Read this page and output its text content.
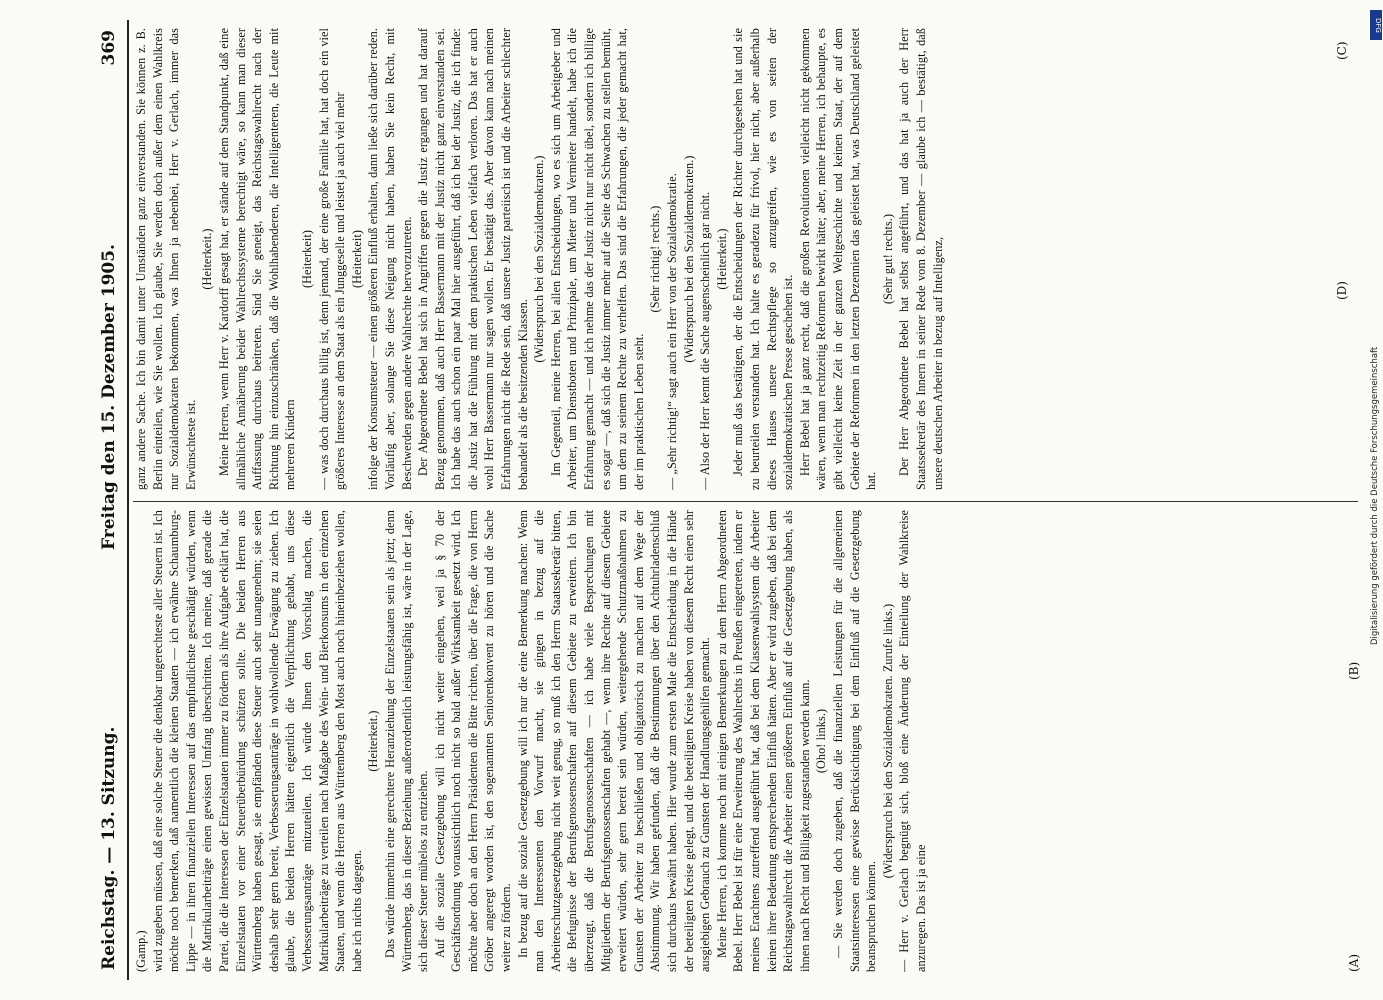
Reichstag. — 13. Sitzung.
Freitag den 15. Dezember 1905.
369

(Gamp.) wird zugeben müssen, daß eine solche Steuer die denkbar ungerechteste aller Steuern ist. Ich möchte noch bemerken, daß namentlich die kleinen Staaten — ich erwähne Schaumburg-Lippe — in ihren finanziellen Interessen auf das empfindlichste geschädigt würden, wenn die Matrikularbeiträge einen gewissen Umfang überschritten. Ich meine, daß gerade die Partei, die die Interessen der Einzelstaaten immer zu fördern als ihre Aufgabe erklärt hat, die Einzelstaaten vor einer Steuerüberbürdung schützen sollte. Die beiden Herren aus Württemberg haben gesagt, sie empfänden diese Steuer auch sehr unangenehm; sie seien deshalb sehr gern bereit, Verbesserungsanträge in wohlwollende Erwägung zu ziehen. Ich glaube, die beiden Herren hätten eigentlich die Verpflichtung gehabt, uns diese Verbesserungsanträge mitzuteilen. Ich würde Ihnen den Vorschlag machen, die Matrikularbeiträge zu verteilen nach Maßgabe des Wein- und Bierkonsums in den einzelnen Staaten, und wenn die Herren aus Württemberg den Most auch noch hineinbeziehen wollen, habe ich nichts dagegen.

(Heiterkeit.) Das würde immerhin eine gerechtere Heranziehung der Einzelstaaten sein als jetzt; denn Württemberg, das in dieser Beziehung außerordentlich leistungsfähig ist, wäre in der Lage, sich dieser Steuer mühelos zu entziehen. Auf die soziale Gesetzgebung will ich nicht weiter eingehen, weil ja § 70 der Geschäftsordnung voraussichtlich noch nicht so bald außer Wirksamkeit gesetzt wird. Ich möchte aber doch an den Herrn Präsidenten die Bitte richten, über die Frage, die von Herrn Gröber angeregt worden ist, den sogenannten Seniorenkonvent zu hören und die Sache weiter zu fördern. In bezug auf die soziale Gesetzgebung will ich nur die eine Bemerkung machen: Wenn man den Interessenten den Vorwurf macht, sie gingen in bezug auf die Arbeiterschutzgesetzgebung nicht weit genug, so muß ich den Herrn Staatssekretär bitten, die Befugnisse der Berufsgenossenschaften auf diesem Gebiete zu erweitern. Ich bin überzeugt, daß die Berufsgenossenschaften — ich habe viele Besprechungen mit Mitgliedern der Berufsgenossenschaften gehabt —, wenn ihre Rechte auf diesem Gebiete erweitert würden, sehr gern bereit sein würden, weitergehende Schutzmaßnahmen zu Gunsten der Arbeiter zu beschließen und obligatorisch zu machen auf dem Wege der Abstimmung. Wir haben gefunden, daß die Bestimmungen über den Achtuhrladenschluß sich durchaus bewährt haben. Hier wurde zum ersten Male die Entscheidung in die Hände der beteiligten Kreise gelegt, und die beteiligten Kreise haben von diesem Recht einen sehr ausgiebigen Gebrauch zu Gunsten der Handlungsgehilfen gemacht. Meine Herren, ich komme noch mit einigen Bemerkungen zu dem Herrn Abgeordneten Bebel. Herr Bebel ist für eine Erweiterung des Wahlrechts in Preußen eingetreten, indem er meines Erachtens zutreffend ausgeführt hat, daß bei dem Klassenwahlsystem die Arbeiter keinen ihrer Bedeutung entsprechenden Einfluß hätten. Aber er wird zugeben, daß bei dem Reichstagswahlrecht die Arbeiter einen größeren Einfluß auf die Gesetzgebung haben, als ihnen nach Recht und Billigkeit zugestanden werden kann. (Oho! links.) — Sie werden doch zugeben, daß die finanziellen Leistungen für die allgemeinen Staatsinteressen eine gewisse Berücksichtigung bei dem Einfluß auf die Gesetzgebung beanspruchen können.

(Widerspruch bei den Sozialdemokraten. Zurufe links.) — Herr v. Gerlach begnügt sich, bloß eine Änderung der Einteilung der Wahlkreise anzuregen. Das ist ja eine

ganz andere Sache. Ich bin damit unter Umständen ganz einverstanden. Sie können z. B. Berlin einteilen, wie Sie wollen. Ich glaube, Sie werden doch außer dem einen Wahlkreis nur Sozialdemokraten bekommen, was Ihnen ja nebenbei, Herr v. Gerlach, immer das Erwünschteste ist.

(Heiterkeit.) Meine Herren, wenn Herr v. Kardorff gesagt hat, er stände auf dem Standpunkt, daß eine allmähliche Annäherung beider Wahlrechtssysteme berechtigt wäre, so kann man dieser Auffassung durchaus beitreten. Sind Sie geneigt, das Reichstagswahlrecht nach der Richtung hin einzuschränken, daß die Wohlhabenderen, die Intelligenteren, die Leute mit mehreren Kindern

(Heiterkeit) — was doch durchaus billig ist, denn jemand, der eine große Familie hat, hat doch ein viel größeres Interesse an dem Staat als ein Junggeselle und leistet ja auch viel mehr (Heiterkeit) infolge der Konsumsteuer — einen größeren Einfluß erhalten, dann ließe sich darüber reden. Vorläufig aber, solange Sie diese Neigung nicht haben, haben Sie kein Recht, mit Beschwerden gegen andere Wahlrechte hervorzutreten. Der Abgeordnete Bebel hat sich in Angriffen gegen die Justiz ergangen und hat darauf Bezug genommen, daß auch Herr Bassermann mit der Justiz nicht ganz einverstanden sei. Ich habe das auch schon ein paar Mal hier ausgeführt, daß ich bei der Justiz, die ich finde: die Justiz hat die Fühlung mit dem praktischen Leben vielfach verloren. Das hat er auch wohl Herr Bassermann nur sagen wollen. Er bestätigt das. Aber davon kann nach meinen Erfahrungen nicht die Rede sein, daß unsere Justiz parteiisch ist und die Arbeiter schlechter behandelt als die besitzenden Klassen.

(Widerspruch bei den Sozialdemokraten.) Im Gegenteil, meine Herren, bei allen Entscheidungen, wo es sich um Arbeitgeber und Arbeiter, um Dienstboten und Prinzipale, um Mieter und Vermieter handelt, habe ich die Erfahrung gemacht — und ich nehme das der Justiz nicht nur nicht übel, sondern ich billige es sogar —, daß sich die Justiz immer mehr auf die Seite des Schwachen zu stellen bemüht, um dem zu seinem Rechte zu verhelfen. Das sind die Erfahrungen, die jeder gemacht hat, der im praktischen Leben steht.

(Sehr richtig! rechts.) — „Sehr richtig!“ sagt auch ein Herr von der Sozialdemokratie. (Widerspruch bei den Sozialdemokraten.) — Also der Herr kennt die Sache augenscheinlich gar nicht. (Heiterkeit.) Jeder muß das bestätigen, der die Entscheidungen der Richter durchgesehen hat und sie zu beurteilen verstanden hat. Ich halte es geradezu für frivol, hier nicht, aber außerhalb dieses Hauses unsere Rechtspflege so anzugreifen, wie es von seiten der sozialdemokratischen Presse geschehen ist. Herr Bebel hat ja ganz recht, daß die großen Revolutionen vielleicht nicht gekommen wären, wenn man rechtzeitig Reformen bewirkt hätte; aber, meine Herren, ich behaupte, es gibt vielleicht keine Zeit in der ganzen Weltgeschichte und keinen Staat, der auf dem Gebiete der Reformen in den letzten Dezennien das geleistet hat, was Deutschland geleistet hat.

(Sehr gut! rechts.) Der Herr Abgeordnete Bebel hat selbst angeführt, und das hat ja auch der Herr Staatssekretär des Innern in seiner Rede vom 8. Dezember — glaube ich — bestätigt, daß unsere deutschen Arbeiter in bezug auf Intelligenz,

(A)
(B)
(C)
(D)
DFG
Digitalisierung gefördert durch die Deutsche Forschungsgemeinschaft
